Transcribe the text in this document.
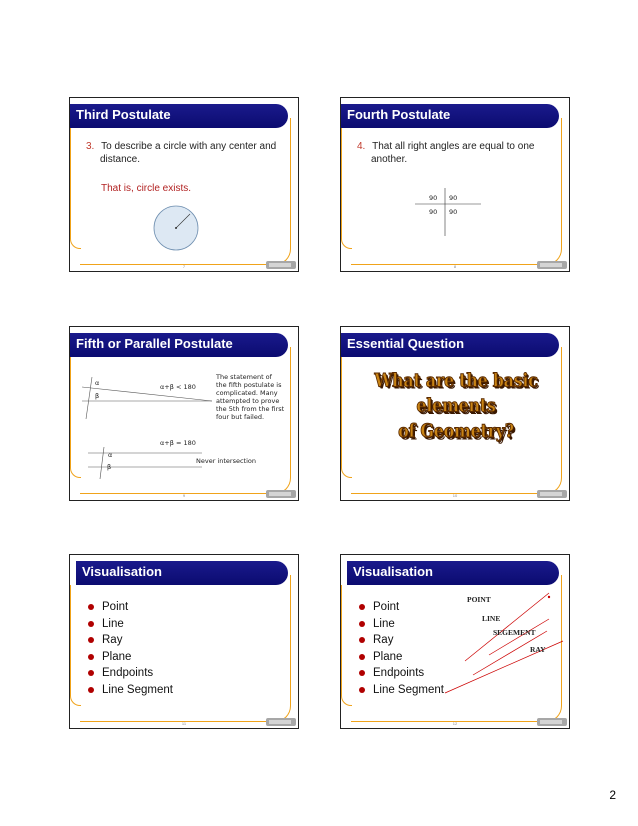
Third Postulate
3. To describe a circle with any center and
distance.
That is, circle exists.
7
Fourth Postulate
4. That all right angles are equal to one
another.
90 90
90 90
8
Fifth or Parallel Postulate
α
β
α+β < 180
α
β
α+β = 180
Never intersection
The statement of
the fifth postulate is
complicated. Many
attempted to prove
the 5th from the first
four but failed.
9
Essential Question
What are the basic elements
of Geometry?
10
Visualisation
Point
Line
Ray
Plane
Endpoints
Line Segment
11
Visualisation
Point
Line
Ray
Plane
Endpoints
Line Segment
POINT
LINE
SEGEMENT
RAY
12
2
